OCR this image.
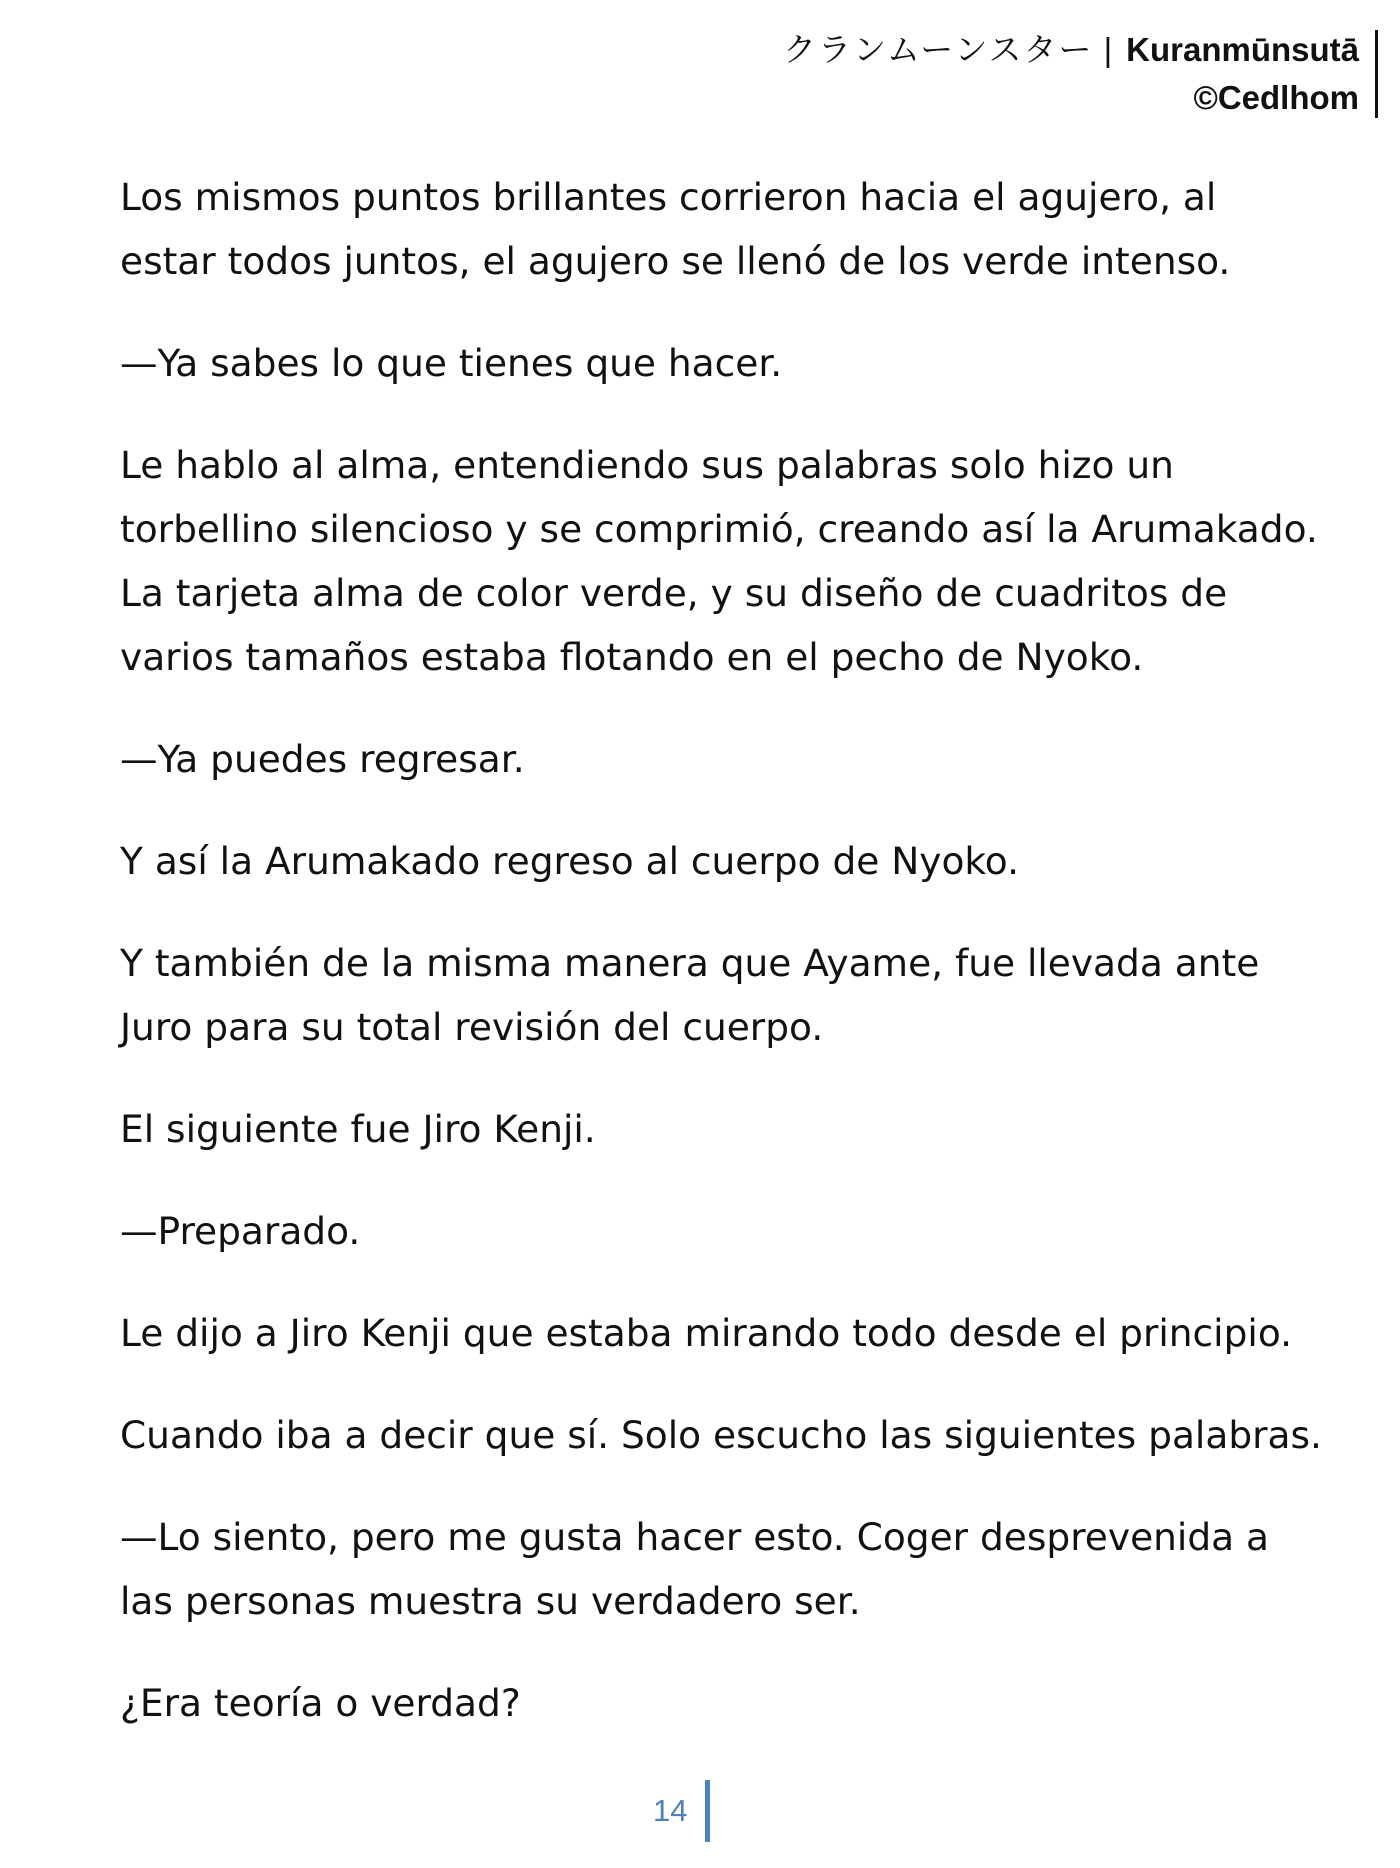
クランムーンスター | Kuranmūnsutā
©Cedlhom

Los mismos puntos brillantes corrieron hacia el agujero, al
estar todos juntos, el agujero se llenó de los verde intenso.

—Ya sabes lo que tienes que hacer.

Le hablo al alma, entendiendo sus palabras solo hizo un
torbellino silencioso y se comprimió, creando así la Arumakado.
La tarjeta alma de color verde, y su diseño de cuadritos de
varios tamaños estaba flotando en el pecho de Nyoko.

—Ya puedes regresar.

Y así la Arumakado regreso al cuerpo de Nyoko.

Y también de la misma manera que Ayame, fue llevada ante
Juro para su total revisión del cuerpo.

El siguiente fue Jiro Kenji.

—Preparado.

Le dijo a Jiro Kenji que estaba mirando todo desde el principio.

Cuando iba a decir que sí. Solo escucho las siguientes palabras.

—Lo siento, pero me gusta hacer esto. Coger desprevenida a
las personas muestra su verdadero ser.

¿Era teoría o verdad?

14
